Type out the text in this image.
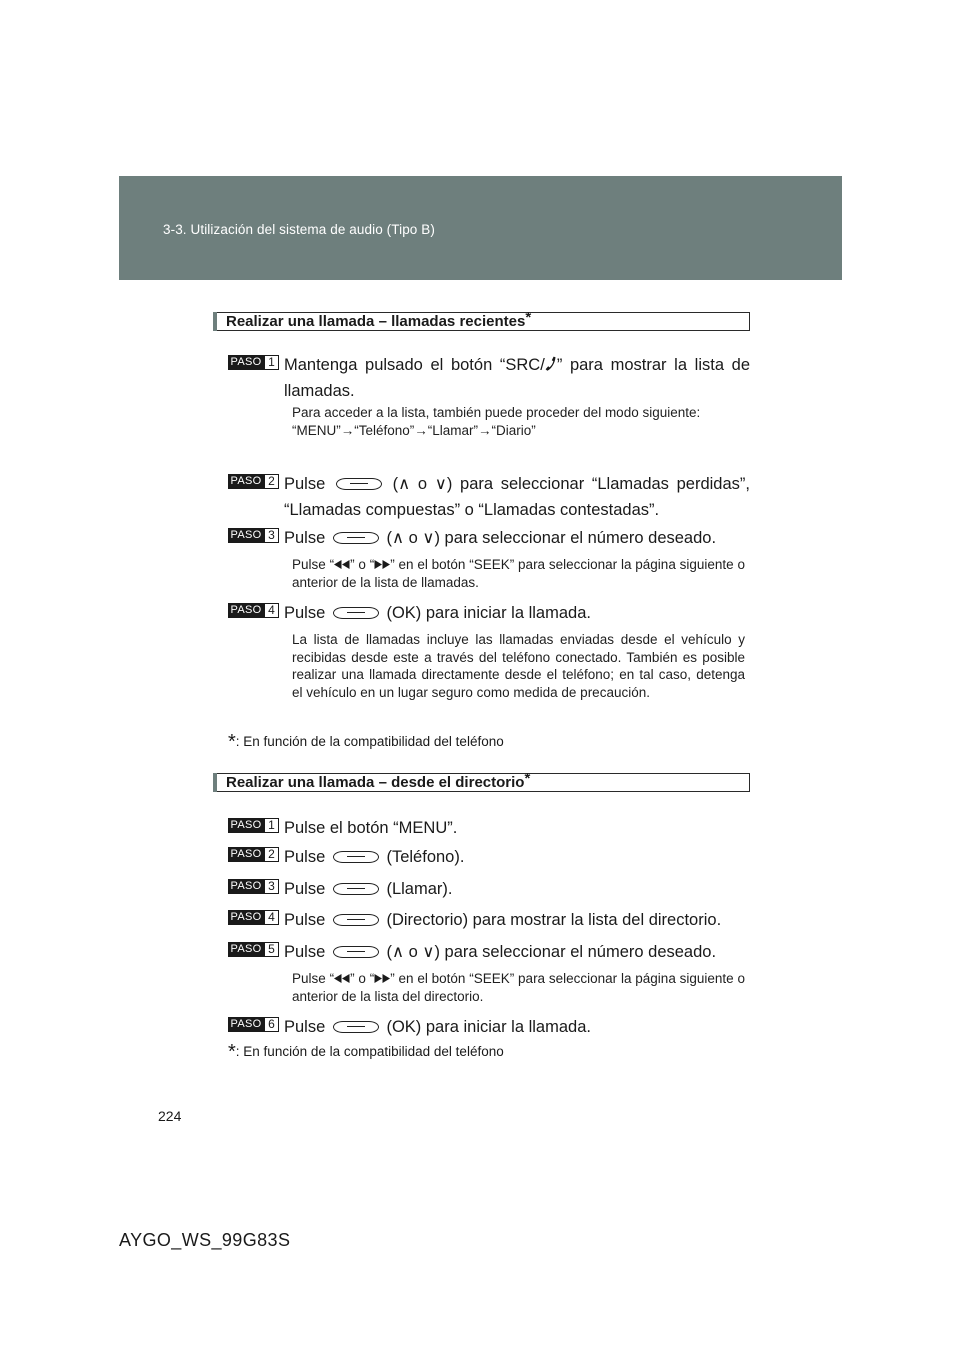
3-3. Utilización del sistema de audio (Tipo B)
Realizar una llamada – llamadas recientes*
PASO 1 Mantenga pulsado el botón “SRC/ ” para mostrar la lista de llamadas.
Para acceder a la lista, también puede proceder del modo siguiente:
“MENU”→“Teléfono”→“Llamar”→“Diario”
PASO 2 Pulse	(∧ o ∨) para seleccionar “Llamadas perdidas”, “Llamadas compuestas” o “Llamadas contestadas”.
PASO 3 Pulse	(∧ o ∨) para seleccionar el número deseado.
Pulse “ ” o “ ” en el botón “SEEK” para seleccionar la página siguiente o anterior de la lista de llamadas.
PASO 4 Pulse	(OK) para iniciar la llamada.
La lista de llamadas incluye las llamadas enviadas desde el vehículo y recibidas desde este a través del teléfono conectado. También es posible realizar una llamada directamente desde el teléfono; en tal caso, detenga el vehículo en un lugar seguro como medida de precaución.
*: En función de la compatibilidad del teléfono
Realizar una llamada – desde el directorio*
PASO 1 Pulse el botón “MENU”.
PASO 2 Pulse	(Teléfono).
PASO 3 Pulse	(Llamar).
PASO 4 Pulse	(Directorio) para mostrar la lista del directorio.
PASO 5 Pulse	(∧ o ∨) para seleccionar el número deseado.
Pulse “ ” o “ ” en el botón “SEEK” para seleccionar la página siguiente o anterior de la lista del directorio.
PASO 6 Pulse	(OK) para iniciar la llamada.
*: En función de la compatibilidad del teléfono
224
AYGO_WS_99G83S
